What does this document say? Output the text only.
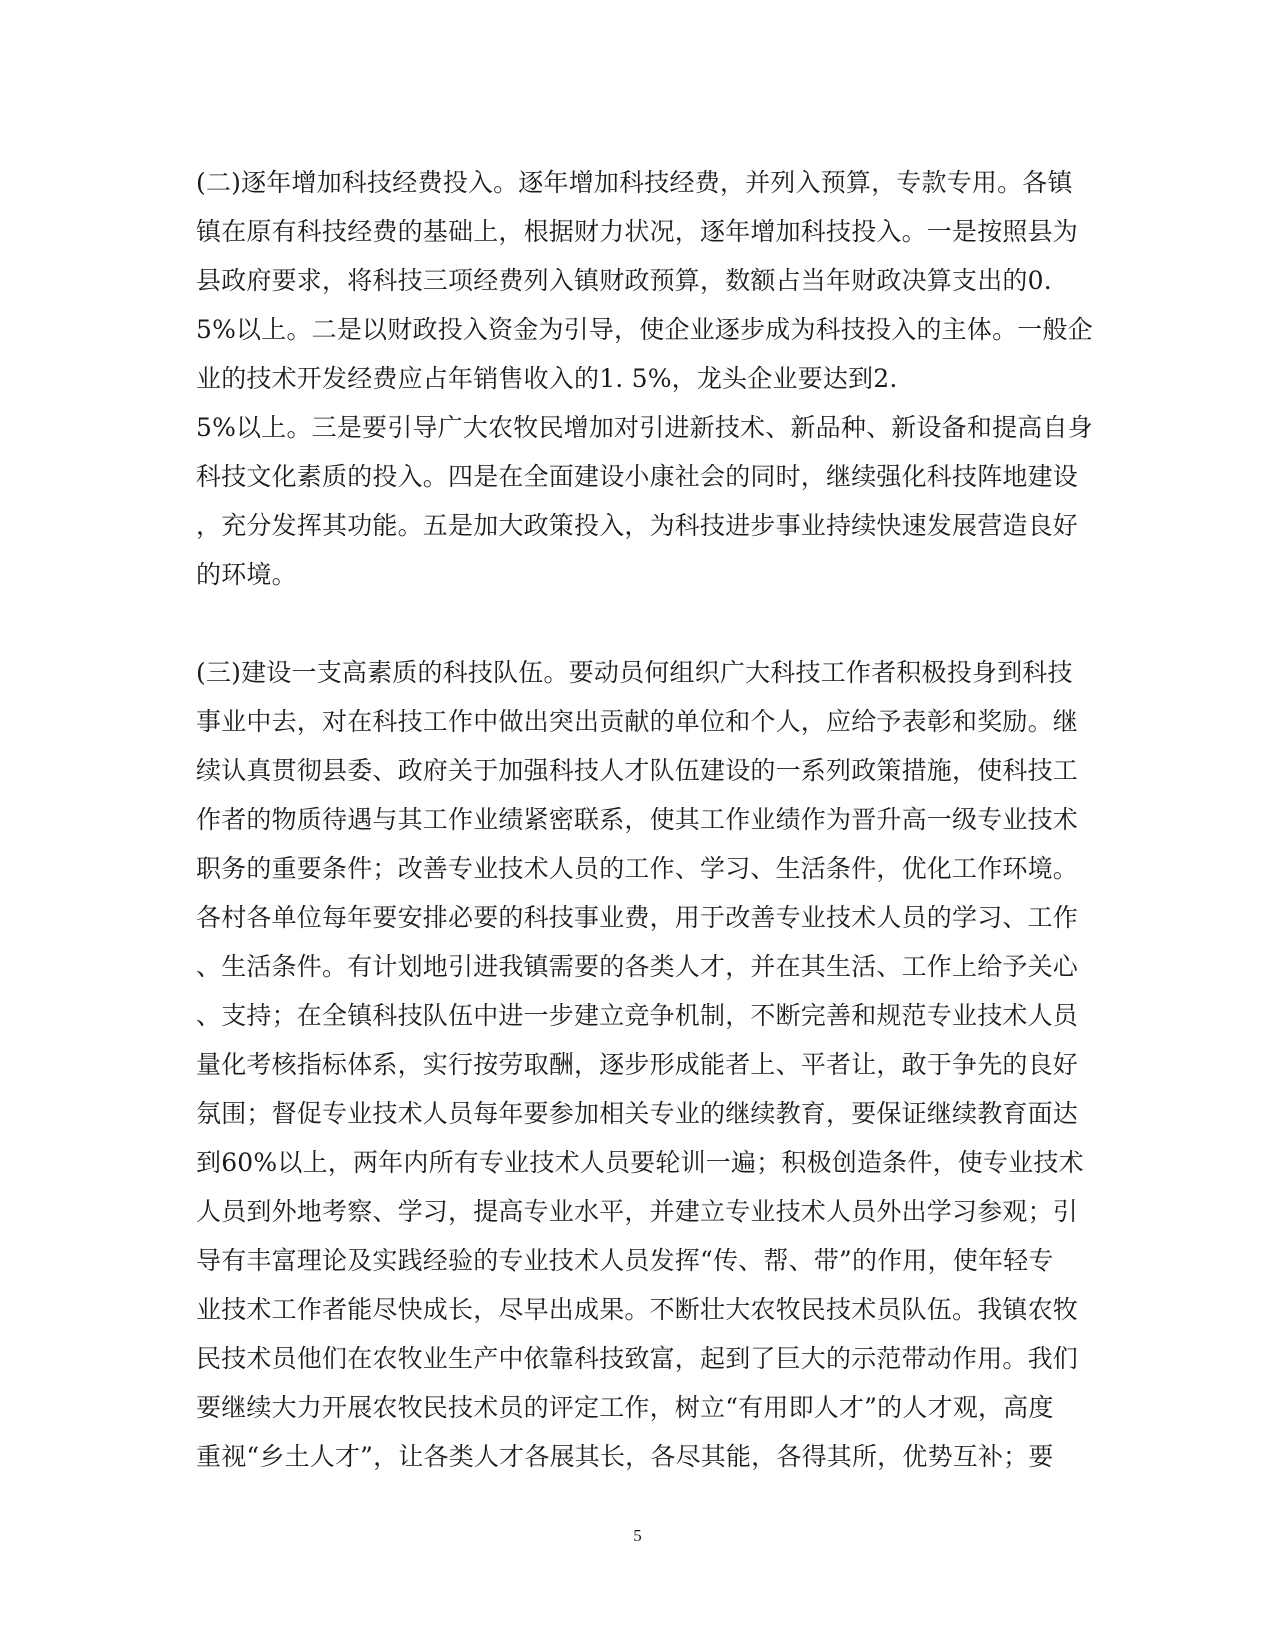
(二)逐年增加科技经费投入。逐年增加科技经费，并列入预算，专款专用。各镇
镇在原有科技经费的基础上，根据财力状况，逐年增加科技投入。一是按照县为
县政府要求，将科技三项经费列入镇财政预算，数额占当年财政决算支出的0.
5%以上。二是以财政投入资金为引导，使企业逐步成为科技投入的主体。一般企
业的技术开发经费应占年销售收入的1. 5%，龙头企业要达到2.
5%以上。三是要引导广大农牧民增加对引进新技术、新品种、新设备和提高自身
科技文化素质的投入。四是在全面建设小康社会的同时，继续强化科技阵地建设
，充分发挥其功能。五是加大政策投入，为科技进步事业持续快速发展营造良好
的环境。
(三)建设一支高素质的科技队伍。要动员何组织广大科技工作者积极投身到科技
事业中去，对在科技工作中做出突出贡献的单位和个人，应给予表彰和奖励。继
续认真贯彻县委、政府关于加强科技人才队伍建设的一系列政策措施，使科技工
作者的物质待遇与其工作业绩紧密联系，使其工作业绩作为晋升高一级专业技术
职务的重要条件；改善专业技术人员的工作、学习、生活条件，优化工作环境。
各村各单位每年要安排必要的科技事业费，用于改善专业技术人员的学习、工作
、生活条件。有计划地引进我镇需要的各类人才，并在其生活、工作上给予关心
、支持；在全镇科技队伍中进一步建立竞争机制，不断完善和规范专业技术人员
量化考核指标体系，实行按劳取酬，逐步形成能者上、平者让，敢于争先的良好
氛围；督促专业技术人员每年要参加相关专业的继续教育，要保证继续教育面达
到60%以上，两年内所有专业技术人员要轮训一遍；积极创造条件，使专业技术
人员到外地考察、学习，提高专业水平，并建立专业技术人员外出学习参观；引
导有丰富理论及实践经验的专业技术人员发挥“传、帮、带”的作用，使年轻专
业技术工作者能尽快成长，尽早出成果。不断壮大农牧民技术员队伍。我镇农牧
民技术员他们在农牧业生产中依靠科技致富，起到了巨大的示范带动作用。我们
要继续大力开展农牧民技术员的评定工作，树立“有用即人才”的人才观，高度
重视“乡土人才”，让各类人才各展其长，各尽其能，各得其所，优势互补；要
5
